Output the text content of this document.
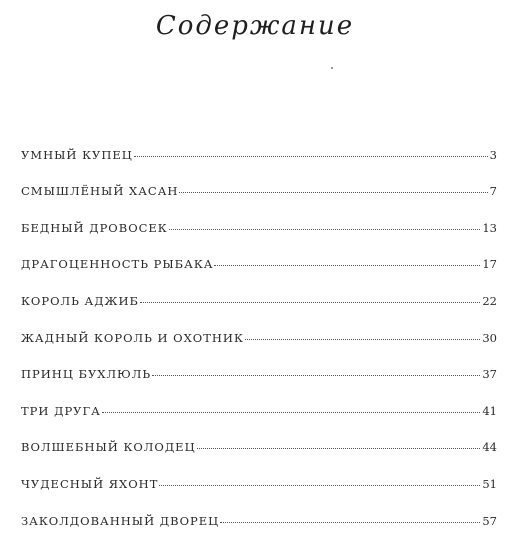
Содержание
УМНЫЙ КУПЕЦ	3
СМЫШЛЁНЫЙ ХАСАН	7
БЕДНЫЙ ДРОВОСЕК	13
ДРАГОЦЕННОСТЬ РЫБАКА	17
КОРОЛЬ АДЖИБ	22
ЖАДНЫЙ КОРОЛЬ И ОХОТНИК	30
ПРИНЦ БУХЛЮЛЬ	37
ТРИ ДРУГА	41
ВОЛШЕБНЫЙ КОЛОДЕЦ	44
ЧУДЕСНЫЙ ЯХОНТ	51
ЗАКОЛДОВАННЫЙ ДВОРЕЦ	57
